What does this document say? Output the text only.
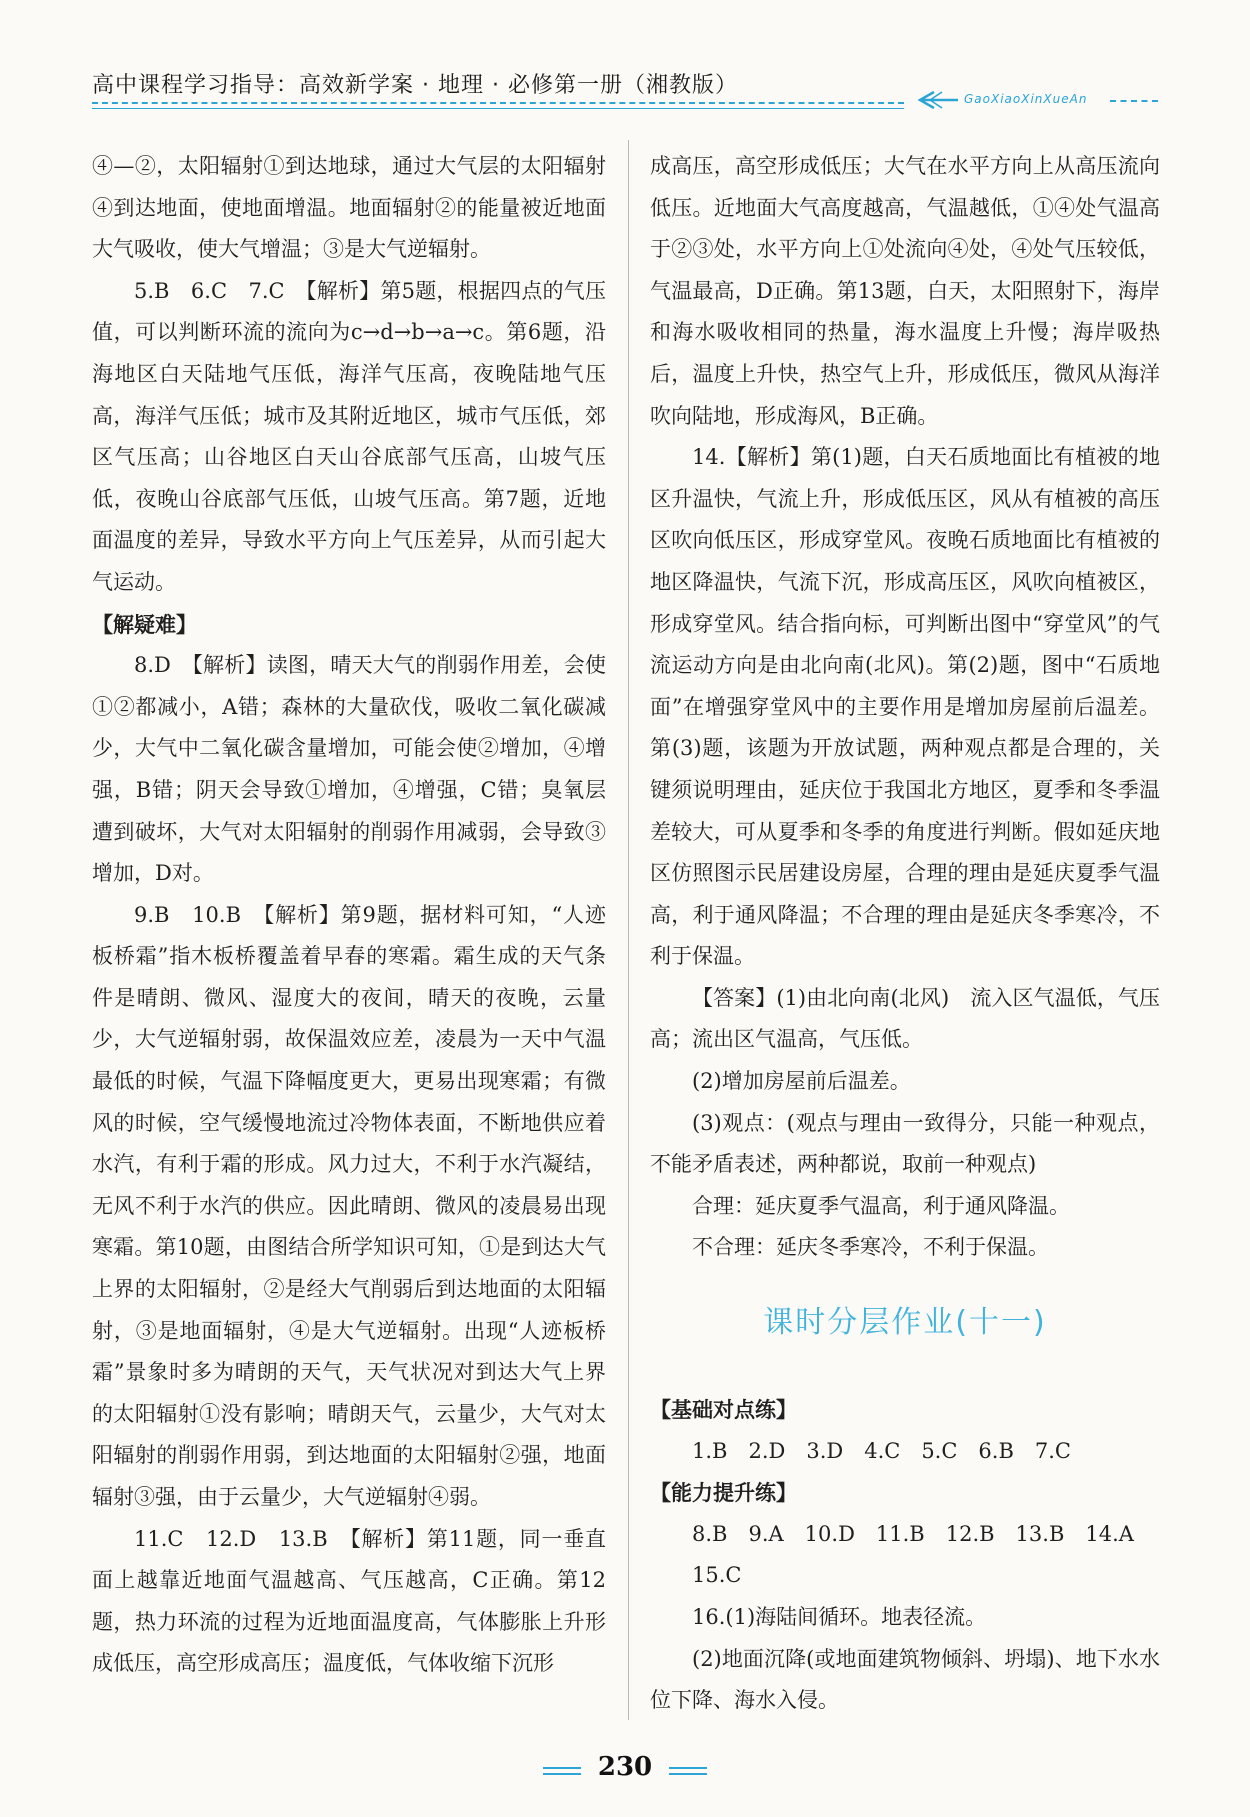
高中课程学习指导：高效新学案 · 地理 · 必修第一册（湘教版）
GaoXiaoXinXueAn

④—②，太阳辐射①到达地球，通过大气层的太阳辐射④到达地面，使地面增温。地面辐射②的能量被近地面大气吸收，使大气增温；③是大气逆辐射。

5.B　6.C　7.C　【解析】第5题，根据四点的气压值，可以判断环流的流向为c→d→b→a→c。第6题，沿海地区白天陆地气压低，海洋气压高，夜晚陆地气压高，海洋气压低；城市及其附近地区，城市气压低，郊区气压高；山谷地区白天山谷底部气压高，山坡气压低，夜晚山谷底部气压低，山坡气压高。第7题，近地面温度的差异，导致水平方向上气压差异，从而引起大气运动。

【解疑难】

8.D　【解析】读图，晴天大气的削弱作用差，会使①②都减小，A错；森林的大量砍伐，吸收二氧化碳减少，大气中二氧化碳含量增加，可能会使②增加，④增强，B错；阴天会导致①增加，④增强，C错；臭氧层遭到破坏，大气对太阳辐射的削弱作用减弱，会导致③增加，D对。

9.B　10.B　【解析】第9题，据材料可知，“人迹板桥霜”指木板桥覆盖着早春的寒霜。霜生成的天气条件是晴朗、微风、湿度大的夜间，晴天的夜晚，云量少，大气逆辐射弱，故保温效应差，凌晨为一天中气温最低的时候，气温下降幅度更大，更易出现寒霜；有微风的时候，空气缓慢地流过冷物体表面，不断地供应着水汽，有利于霜的形成。风力过大，不利于水汽凝结，无风不利于水汽的供应。因此晴朗、微风的凌晨易出现寒霜。第10题，由图结合所学知识可知，①是到达大气上界的太阳辐射，②是经大气削弱后到达地面的太阳辐射，③是地面辐射，④是大气逆辐射。出现“人迹板桥霜”景象时多为晴朗的天气，天气状况对到达大气上界的太阳辐射①没有影响；晴朗天气，云量少，大气对太阳辐射的削弱作用弱，到达地面的太阳辐射②强，地面辐射③强，由于云量少，大气逆辐射④弱。

11.C　12.D　13.B　【解析】第11题，同一垂直面上越靠近地面气温越高、气压越高，C正确。第12题，热力环流的过程为近地面温度高，气体膨胀上升形成低压，高空形成高压；温度低，气体收缩下沉形

成高压，高空形成低压；大气在水平方向上从高压流向低压。近地面大气高度越高，气温越低，①④处气温高于②③处，水平方向上①处流向④处，④处气压较低，气温最高，D正确。第13题，白天，太阳照射下，海岸和海水吸收相同的热量，海水温度上升慢；海岸吸热后，温度上升快，热空气上升，形成低压，微风从海洋吹向陆地，形成海风，B正确。

14.【解析】第(1)题，白天石质地面比有植被的地区升温快，气流上升，形成低压区，风从有植被的高压区吹向低压区，形成穿堂风。夜晚石质地面比有植被的地区降温快，气流下沉，形成高压区，风吹向植被区，形成穿堂风。结合指向标，可判断出图中“穿堂风”的气流运动方向是由北向南(北风)。第(2)题，图中“石质地面”在增强穿堂风中的主要作用是增加房屋前后温差。第(3)题，该题为开放试题，两种观点都是合理的，关键须说明理由，延庆位于我国北方地区，夏季和冬季温差较大，可从夏季和冬季的角度进行判断。假如延庆地区仿照图示民居建设房屋，合理的理由是延庆夏季气温高，利于通风降温；不合理的理由是延庆冬季寒冷，不利于保温。

【答案】(1)由北向南(北风)　流入区气温低，气压高；流出区气温高，气压低。

(2)增加房屋前后温差。

(3)观点：(观点与理由一致得分，只能一种观点，不能矛盾表述，两种都说，取前一种观点)

合理：延庆夏季气温高，利于通风降温。

不合理：延庆冬季寒冷，不利于保温。

课时分层作业(十一)

【基础对点练】

1.B　2.D　3.D　4.C　5.C　6.B　7.C

【能力提升练】

8.B　9.A　10.D　11.B　12.B　13.B　14.A

15.C

16.(1)海陆间循环。地表径流。

(2)地面沉降(或地面建筑物倾斜、坍塌)、地下水水位下降、海水入侵。

230
